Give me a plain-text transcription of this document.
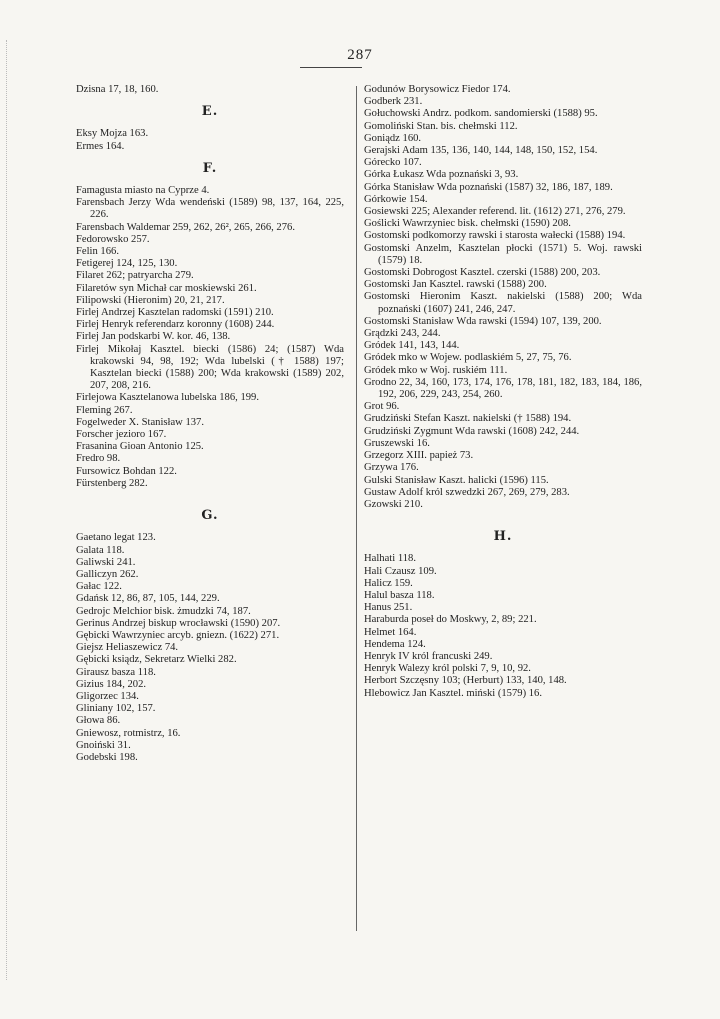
287
Dzisna 17, 18, 160.
E.
Eksy Mojza 163.
Ermes 164.
F.
Famagusta miasto na Cyprze 4.
Farensbach Jerzy Wda wendeński (1589) 98, 137, 164, 225, 226.
Farensbach Waldemar 259, 262, 26², 265, 266, 276.
Fedorowsko 257.
Felin 166.
Fetigerej 124, 125, 130.
Filaret 262; patryarcha 279.
Filaretów syn Michał car moskiewski 261.
Filipowski (Hieronim) 20, 21, 217.
Firlej Andrzej Kasztelan radomski (1591) 210.
Firlej Henryk referendarz koronny (1608) 244.
Firlej Jan podskarbi W. kor. 46, 138.
Firlej Mikołaj Kasztel. biecki (1586) 24; (1587) Wda krakowski 94, 98, 192; Wda lubelski († 1588) 197; Kasztelan biecki (1588) 200; Wda krakowski (1589) 202, 207, 208, 216.
Firlejowa Kasztelanowa lubelska 186, 199.
Fleming 267.
Fogelweder X. Stanisław 137.
Forscher jezioro 167.
Frasanina Gioan Antonio 125.
Fredro 98.
Fursowicz Bohdan 122.
Fürstenberg 282.
G.
Gaetano legat 123.
Galata 118.
Galiwski 241.
Galliczyn 262.
Gałac 122.
Gdańsk 12, 86, 87, 105, 144, 229.
Gedrojc Melchior bisk. żmudzki 74, 187.
Gerinus Andrzej biskup wrocławski (1590) 207.
Gębicki Wawrzyniec arcyb. gniezn. (1622) 271.
Giejsz Heliaszewicz 74.
Gębicki ksiądz, Sekretarz Wielki 282.
Girausz basza 118.
Gizius 184, 202.
Gligorzec 134.
Gliniany 102, 157.
Głowa 86.
Gniewosz, rotmistrz, 16.
Gnoiński 31.
Godebski 198.
Godunów Borysowicz Fiedor 174.
Godberk 231.
Gołuchowski Andrz. podkom. sandomierski (1588) 95.
Gomoliński Stan. bis. chełmski 112.
Goniądz 160.
Gerajski Adam 135, 136, 140, 144, 148, 150, 152, 154.
Górecko 107.
Górka Łukasz Wda poznański 3, 93.
Górka Stanisław Wda poznański (1587) 32, 186, 187, 189.
Górkowie 154.
Gosiewski 225; Alexander referend. lit. (1612) 271, 276, 279.
Goślicki Wawrzyniec bisk. chełmski (1590) 208.
Gostomski podkomorzy rawski i starosta wałecki (1588) 194.
Gostomski Anzelm, Kasztelan płocki (1571) 5. Woj. rawski (1579) 18.
Gostomski Dobrogost Kasztel. czerski (1588) 200, 203.
Gostomski Jan Kasztel. rawski (1588) 200.
Gostomski Hieronim Kaszt. nakielski (1588) 200; Wda poznański (1607) 241, 246, 247.
Gostomski Stanisław Wda rawski (1594) 107, 139, 200.
Grądzki 243, 244.
Gródek 141, 143, 144.
Gródek mko w Wojew. podlaskiém 5, 27, 75, 76.
Gródek mko w Woj. ruskiém 111.
Grodno 22, 34, 160, 173, 174, 176, 178, 181, 182, 183, 184, 186, 192, 206, 229, 243, 254, 260.
Grot 96.
Grudziński Stefan Kaszt. nakielski († 1588) 194.
Grudziński Zygmunt Wda rawski (1608) 242, 244.
Gruszewski 16.
Grzegorz XIII. papież 73.
Grzywa 176.
Gulski Stanisław Kaszt. halicki (1596) 115.
Gustaw Adolf król szwedzki 267, 269, 279, 283.
Gzowski 210.
H.
Halhati 118.
Hali Czausz 109.
Halicz 159.
Halul basza 118.
Hanus 251.
Haraburda poseł do Moskwy, 2, 89; 221.
Helmet 164.
Hendema 124.
Henryk IV król francuski 249.
Henryk Walezy król polski 7, 9, 10, 92.
Herbort Szczęsny 103; (Herburt) 133, 140, 148.
Hlebowicz Jan Kasztel. miński (1579) 16.
